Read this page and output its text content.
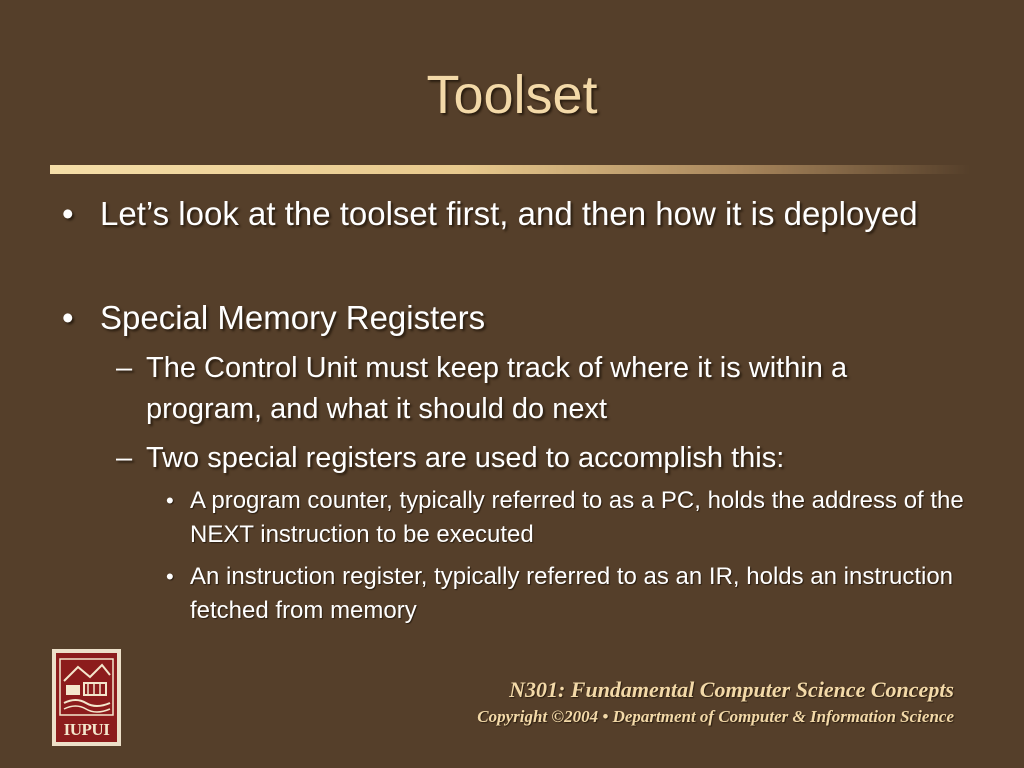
Toolset
• Let’s look at the toolset first, and then how it is deployed
• Special Memory Registers
– The Control Unit must keep track of where it is within a program, and what it should do next
– Two special registers are used to accomplish this:
• A program counter, typically referred to as a PC, holds the address of the NEXT instruction to be executed
• An instruction register, typically referred to as an IR, holds an instruction fetched from memory
IUPUI
N301: Fundamental Computer Science Concepts
Copyright ©2004 • Department of Computer & Information Science
